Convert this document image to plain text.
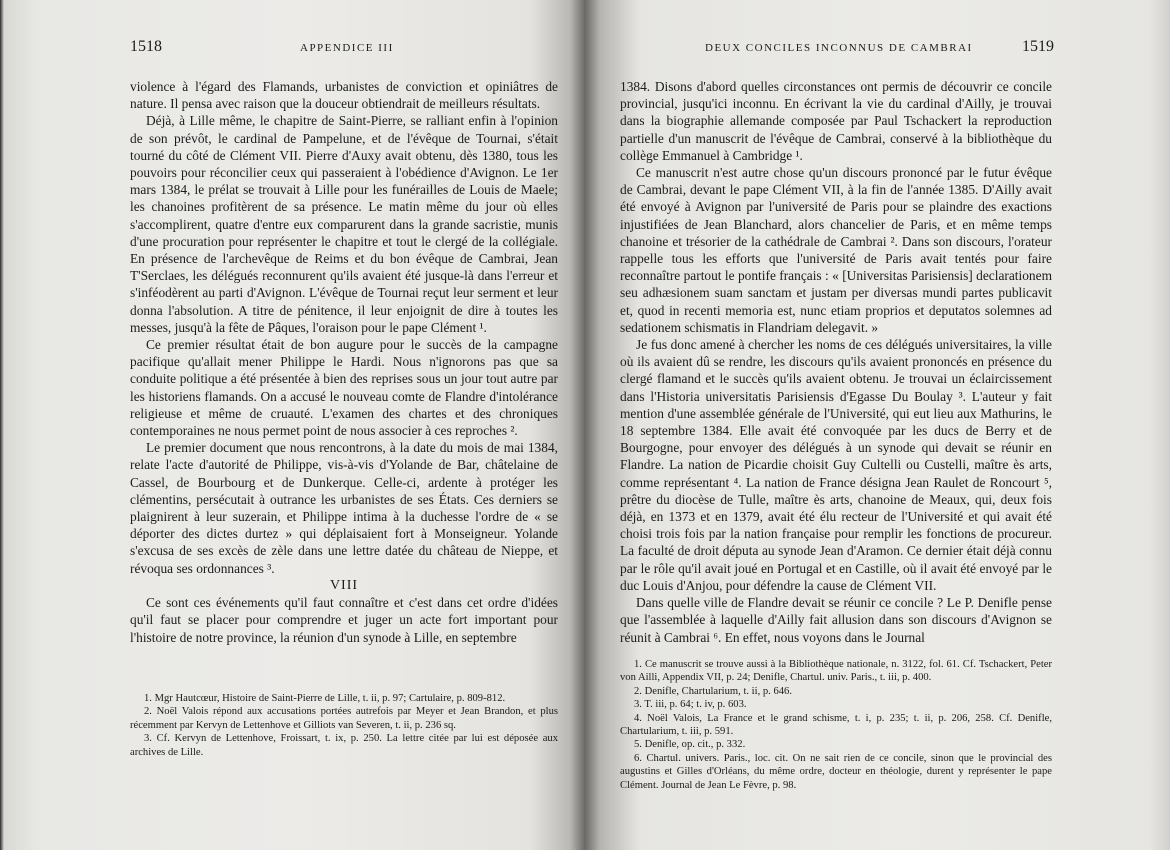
1518	APPENDICE III

violence à l'égard des Flamands, urbanistes de conviction et opiniâtres de nature. Il pensa avec raison que la douceur obtiendrait de meilleurs résultats.

Déjà, à Lille même, le chapitre de Saint-Pierre, se ralliant enfin à l'opinion de son prévôt, le cardinal de Pampelune, et de l'évêque de Tournai, s'était tourné du côté de Clément VII. Pierre d'Auxy avait obtenu, dès 1380, tous les pouvoirs pour réconcilier ceux qui passeraient à l'obédience d'Avignon. Le 1er mars 1384, le prélat se trouvait à Lille pour les funérailles de Louis de Maele; les chanoines profitèrent de sa présence. Le matin même du jour où elles s'accomplirent, quatre d'entre eux comparurent dans la grande sacristie, munis d'une procuration pour représenter le chapitre et tout le clergé de la collégiale. En présence de l'archevêque de Reims et du bon évêque de Cambrai, Jean T'Serclaes, les délégués reconnurent qu'ils avaient été jusque-là dans l'erreur et s'inféodèrent au parti d'Avignon. L'évêque de Tournai reçut leur serment et leur donna l'absolution. A titre de pénitence, il leur enjoignit de dire à toutes les messes, jusqu'à la fête de Pâques, l'oraison pour le pape Clément ¹.

Ce premier résultat était de bon augure pour le succès de la campagne pacifique qu'allait mener Philippe le Hardi. Nous n'ignorons pas que sa conduite politique a été présentée à bien des reprises sous un jour tout autre par les historiens flamands. On a accusé le nouveau comte de Flandre d'intolérance religieuse et même de cruauté. L'examen des chartes et des chroniques contemporaines ne nous permet point de nous associer à ces reproches ².

Le premier document que nous rencontrons, à la date du mois de mai 1384, relate l'acte d'autorité de Philippe, vis-à-vis d'Yolande de Bar, châtelaine de Cassel, de Bourbourg et de Dunkerque. Celle-ci, ardente à protéger les clémentins, persécutait à outrance les urbanistes de ses États. Ces derniers se plaignirent à leur suzerain, et Philippe intima à la duchesse l'ordre de « se déporter des dictes durtez » qui déplaisaient fort à Monseigneur. Yolande s'excusa de ses excès de zèle dans une lettre datée du château de Nieppe, et révoqua ses ordonnances ³.

VIII

Ce sont ces événements qu'il faut connaître et c'est dans cet ordre d'idées qu'il faut se placer pour comprendre et juger un acte fort important pour l'histoire de notre province, la réunion d'un synode à Lille, en septembre

1. Mgr Hautcœur, Histoire de Saint-Pierre de Lille, t. ii, p. 97; Cartulaire, p. 809-812.
2. Noël Valois répond aux accusations portées autrefois par Meyer et Jean Brandon, et plus récemment par Kervyn de Lettenhove et Gilliots van Severen, t. ii, p. 236 sq.
3. Cf. Kervyn de Lettenhove, Froissart, t. ix, p. 250. La lettre citée par lui est déposée aux archives de Lille.
DEUX CONCILES INCONNUS DE CAMBRAI	1519

1384. Disons d'abord quelles circonstances ont permis de découvrir ce concile provincial, jusqu'ici inconnu. En écrivant la vie du cardinal d'Ailly, je trouvai dans la biographie allemande composée par Paul Tschackert la reproduction partielle d'un manuscrit de l'évêque de Cambrai, conservé à la bibliothèque du collège Emmanuel à Cambridge ¹.

Ce manuscrit n'est autre chose qu'un discours prononcé par le futur évêque de Cambrai, devant le pape Clément VII, à la fin de l'année 1385. D'Ailly avait été envoyé à Avignon par l'université de Paris pour se plaindre des exactions injustifiées de Jean Blanchard, alors chancelier de Paris, et en même temps chanoine et trésorier de la cathédrale de Cambrai ². Dans son discours, l'orateur rappelle tous les efforts que l'université de Paris avait tentés pour faire reconnaître partout le pontife français : « [Universitas Parisiensis] declarationem seu adhæsionem suam sanctam et justam per diversas mundi partes publicavit et, quod in recenti memoria est, nunc etiam proprios et deputatos solemnes ad sedationem schismatis in Flandriam delegavit. »

Je fus donc amené à chercher les noms de ces délégués universitaires, la ville où ils avaient dû se rendre, les discours qu'ils avaient prononcés en présence du clergé flamand et le succès qu'ils avaient obtenu. Je trouvai un éclaircissement dans l'Historia universitatis Parisiensis d'Egasse Du Boulay ³. L'auteur y fait mention d'une assemblée générale de l'Université, qui eut lieu aux Mathurins, le 18 septembre 1384. Elle avait été convoquée par les ducs de Berry et de Bourgogne, pour envoyer des délégués à un synode qui devait se réunir en Flandre. La nation de Picardie choisit Guy Cultelli ou Custelli, maître ès arts, comme représentant ⁴. La nation de France désigna Jean Raulet de Roncourt ⁵, prêtre du diocèse de Tulle, maître ès arts, chanoine de Meaux, qui, deux fois déjà, en 1373 et en 1379, avait été élu recteur de l'Université et qui avait été choisi trois fois par la nation française pour remplir les fonctions de procureur. La faculté de droit députa au synode Jean d'Aramon. Ce dernier était déjà connu par le rôle qu'il avait joué en Portugal et en Castille, où il avait été envoyé par le duc Louis d'Anjou, pour défendre la cause de Clément VII.

Dans quelle ville de Flandre devait se réunir ce concile ? Le P. Denifle pense que l'assemblée à laquelle d'Ailly fait allusion dans son discours d'Avignon se réunit à Cambrai ⁶. En effet, nous voyons dans le Journal

1. Ce manuscrit se trouve aussi à la Bibliothèque nationale, n. 3122, fol. 61. Cf. Tschackert, Peter von Ailli, Appendix VII, p. 24; Denifle, Chartul. univ. Paris., t. iii, p. 400.
2. Denifle, Chartularium, t. ii, p. 646.
3. T. iii, p. 64; t. iv, p. 603.
4. Noël Valois, La France et le grand schisme, t. i, p. 235; t. ii, p. 206, 258. Cf. Denifle, Chartularium, t. iii, p. 591.
5. Denifle, op. cit., p. 332.
6. Chartul. univers. Paris., loc. cit. On ne sait rien de ce concile, sinon que le provincial des augustins et Gilles d'Orléans, du même ordre, docteur en théologie, durent y représenter le pape Clément. Journal de Jean Le Fèvre, p. 98.
